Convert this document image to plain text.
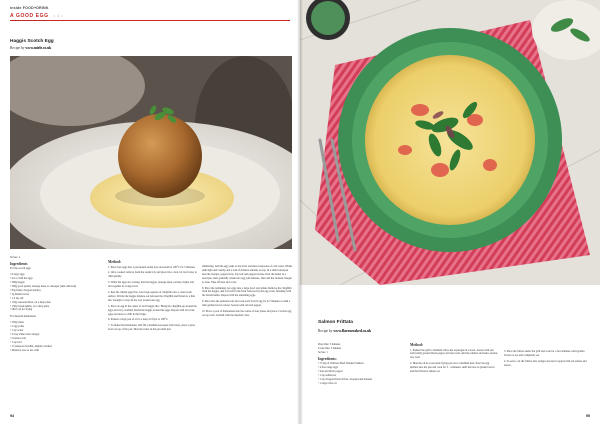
inside FOOD+DRINK
A GOOD EGG • 1 •
Haggis Scotch Egg
Recipe by www.miele.co.uk

Serves: 4

Ingredients

For the scotch eggs

• 6 large eggs
• Ice to chill the eggs
• 300g haggis
• 300g good quality sausage meat or sausages (skin removed)
• 85g finely chopped parsley
• 3g Ramsi leaves
• 1-2 tsp salt
• 150g seasoned flour, on a deep plate
• 150g breadcrumbs, on a deep plate
• Olive oil for frying

For mustard hollandaise

• 250g butter
• 2 egg yolks
• 1 tsp water
• 2 tbsp white wine vinegar
• Cracked corn
• 1 tsp lard
• 15 teaspoon lecithin, slightly crushed
• Mustard, rose to use with
Method:

1. Place four eggs into a pan heated steam tray and steam at 100°C for 5 minutes.

2. Once cooked, remove from the steam tray and place into a bowl of iced water to chill quickly.

3. While the eggs are cooling, mix the haggis, sausage meat, parsley, thyme and salt together in a large bowl.

4. Peel the chilled eggs first, four large squares of clingfilm onto a clean work surface. Divide the haggis mixture out between the clingfilm and flatten to a thin disc enough to wrap all the way around one egg.

5. Place an egg in the centre of each haggis disc. Bring the clingfilm up around the eggs and very carefully mould the haggis around the eggs. Repeat with all of the eggs and leave to chill in the fridge.

6. Preheat a large pan of oil to a deep fat fryer to 180°C.

7. To make the hollandaise, half fill a medium saucepan with water, place a glass bowl on top of the pan. Heat the water in the pan until just

simmering. Add the egg yolks to the bowl and three teaspoons of cold water. Whisk until light and creamy and a trail of mixture remains on top. In a small saucepan heat the vinegar, peppercorns, bay leaf and pepper berries. Pour the butter in a saucepan, then gradually whisk into egg yolk mixture, then add the strained vinegar to taste. Take off heat and cover.

8. Place the remaining two eggs into a large bowl and whisk. Remove the clingfilm from the haggis, and roll well in the flour followed by the egg wash, finishing with the breadcrumbs. Repeat with the remaining eggs.

9. Place into the preheated oil and cook each Scotch egg for 6-7 minutes or until a dark golden brown colour. Season with salt and pepper.

10. Place a pool of hollandaise into the centre of four plates and place a Scotch egg on top each. Garnish with the mustard cress.

94
Salmon Frittata
Recipe by www.flavoursoked.co.uk

Prep time: 5 minutes

Cook time: 5 minutes

Serves: 1

Ingredients:
• 75 mg of Waitrose Beef Smoked Salmon
• 4 free range eggs
• Salt and black pepper
• 1 tsp sunflower
• 1 tsp chopped fresh chives, chopped and drained
• 1 large olive oil
Method:

1. Preheat the grill to medium. Place the asparagus in a bowl, season with salt and freshly ground black pepper and beat well. Add the salmon and leeks, beaten, toss well.

2. Heat the oil in a non-stick frying pan over a medium heat. Pour the egg mixture into the pan and cook for 3 - 4 minutes, until the base is golden brown and the frittata is almost set.

3. Place the frittata under the grill and cook for a few minutes, until golden brown on top and completely set.

4. To serve, cut the frittata into wedges and serve topped with red onions and leaves.

95
